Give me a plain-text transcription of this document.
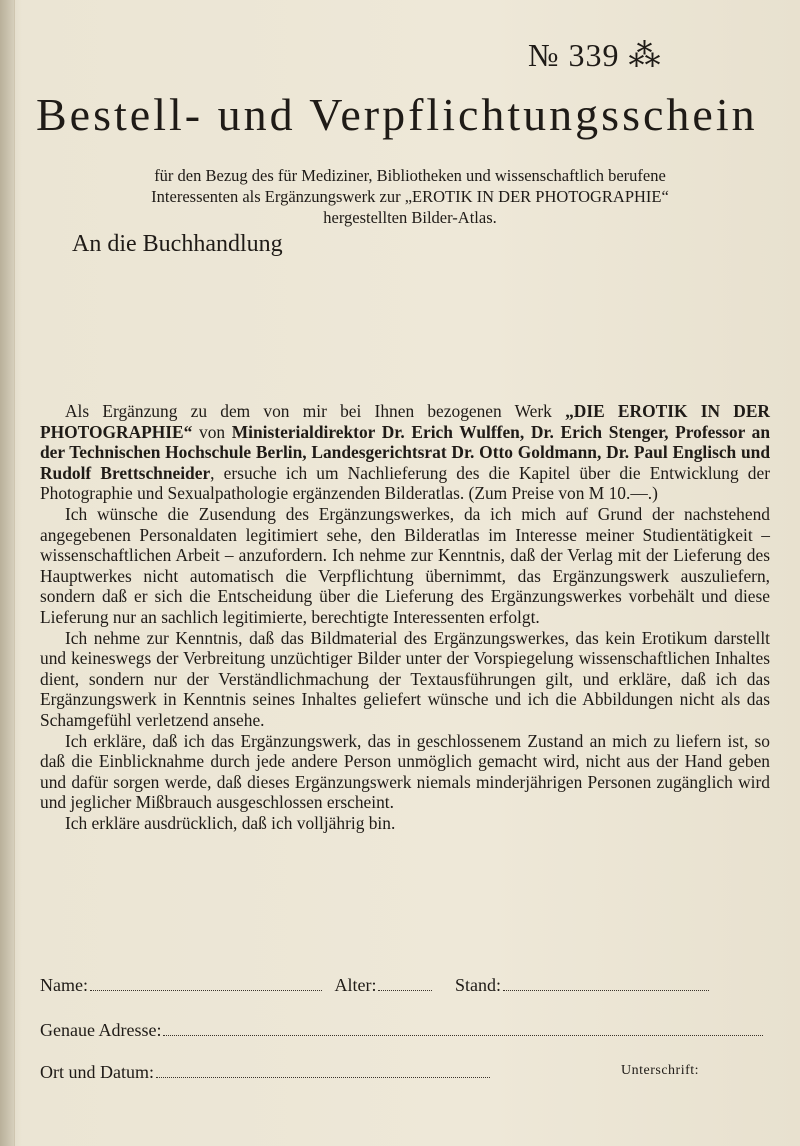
№ 339 ⁂
Bestell- und Verpflichtungsschein
für den Bezug des für Mediziner, Bibliotheken und wissenschaftlich berufene
Interessenten als Ergänzungswerk zur „EROTIK IN DER PHOTOGRAPHIE“
hergestellten Bilder-Atlas.
An die Buchhandlung

Als Ergänzung zu dem von mir bei Ihnen bezogenen Werk „DIE EROTIK IN DER PHOTOGRAPHIE“ von Ministerialdirektor Dr. Erich Wulffen, Dr. Erich Stenger, Professor an der Technischen Hochschule Berlin, Landesgerichtsrat Dr. Otto Goldmann, Dr. Paul Englisch und Rudolf Brettschneider, ersuche ich um Nachlieferung des die Kapitel über die Entwicklung der Photographie und Sexualpathologie ergänzenden Bilderatlas. (Zum Preise von M 10.—.)

Ich wünsche die Zusendung des Ergänzungswerkes, da ich mich auf Grund der nachstehend angegebenen Personaldaten legitimiert sehe, den Bilderatlas im Interesse meiner Studientätigkeit – wissenschaftlichen Arbeit – anzufordern. Ich nehme zur Kenntnis, daß der Verlag mit der Lieferung des Hauptwerkes nicht automatisch die Verpflichtung übernimmt, das Ergänzungswerk auszuliefern, sondern daß er sich die Entscheidung über die Lieferung des Ergänzungswerkes vorbehält und diese Lieferung nur an sachlich legitimierte, berechtigte Interessenten erfolgt.

Ich nehme zur Kenntnis, daß das Bildmaterial des Ergänzungswerkes, das kein Erotikum darstellt und keineswegs der Verbreitung unzüchtiger Bilder unter der Vorspiegelung wissenschaftlichen Inhaltes dient, sondern nur der Verständlichmachung der Textausführungen gilt, und erkläre, daß ich das Ergänzungswerk in Kenntnis seines Inhaltes geliefert wünsche und ich die Abbildungen nicht als das Schamgefühl verletzend ansehe.

Ich erkläre, daß ich das Ergänzungswerk, das in geschlossenem Zustand an mich zu liefern ist, so daß die Einblicknahme durch jede andere Person unmöglich gemacht wird, nicht aus der Hand geben und dafür sorgen werde, daß dieses Ergänzungswerk niemals minderjährigen Personen zugänglich wird und jeglicher Mißbrauch ausgeschlossen erscheint.

Ich erkläre ausdrücklich, daß ich volljährig bin.

Name:
	Alter:
	Stand:
Genaue Adresse:
Ort und Datum:	Unterschrift:
